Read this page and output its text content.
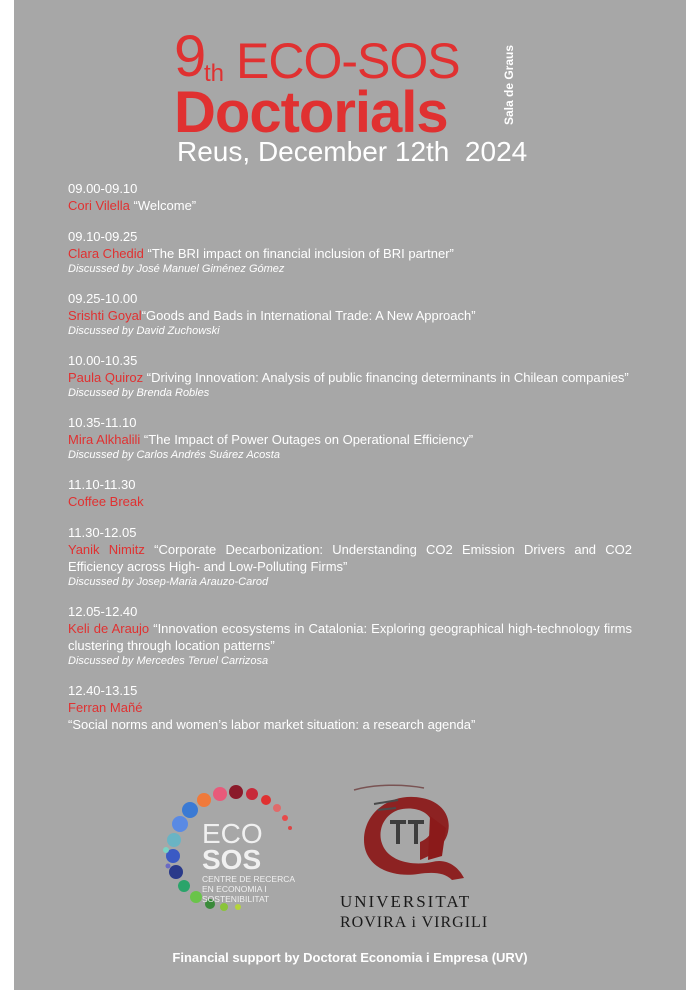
9 th ECO-SOS
Doctorials	Sala de Graus
Reus, December 12th  2024
09.00-09.10
Cori Vilella “Welcome”
09.10-09.25
Clara Chedid “The BRI impact on financial inclusion of BRI partner”
Discussed by José Manuel Giménez Gómez
09.25-10.00
Srishti Goyal“Goods and Bads in International Trade: A New Approach”
Discussed by David Zuchowski
10.00-10.35
Paula Quiroz “Driving Innovation: Analysis of public financing determinants in Chilean companies”
Discussed by Brenda Robles
10.35-11.10
Mira Alkhalili “The Impact of Power Outages on Operational Efficiency”
Discussed by Carlos Andrés Suárez Acosta
11.10-11.30
Coffee Break
11.30-12.05
Yanik Nimitz “Corporate Decarbonization: Understanding CO2 Emission Drivers and CO2 Efficiency across High- and Low-Polluting Firms”
Discussed by Josep-Maria Arauzo-Carod
12.05-12.40
Keli de Araujo “Innovation ecosystems in Catalonia: Exploring geographical high-technology firms clustering through location patterns”
Discussed by Mercedes Teruel Carrizosa
12.40-13.15
Ferran Mañé
“Social norms and women’s labor market situation: a research agenda”
ECO
SOS
CENTRE DE RECERCA
EN ECONOMIA I
SOSTENIBILITAT	UNIVERSITAT
ROVIRA i VIRGILI
Financial support by Doctorat Economia i Empresa (URV)
